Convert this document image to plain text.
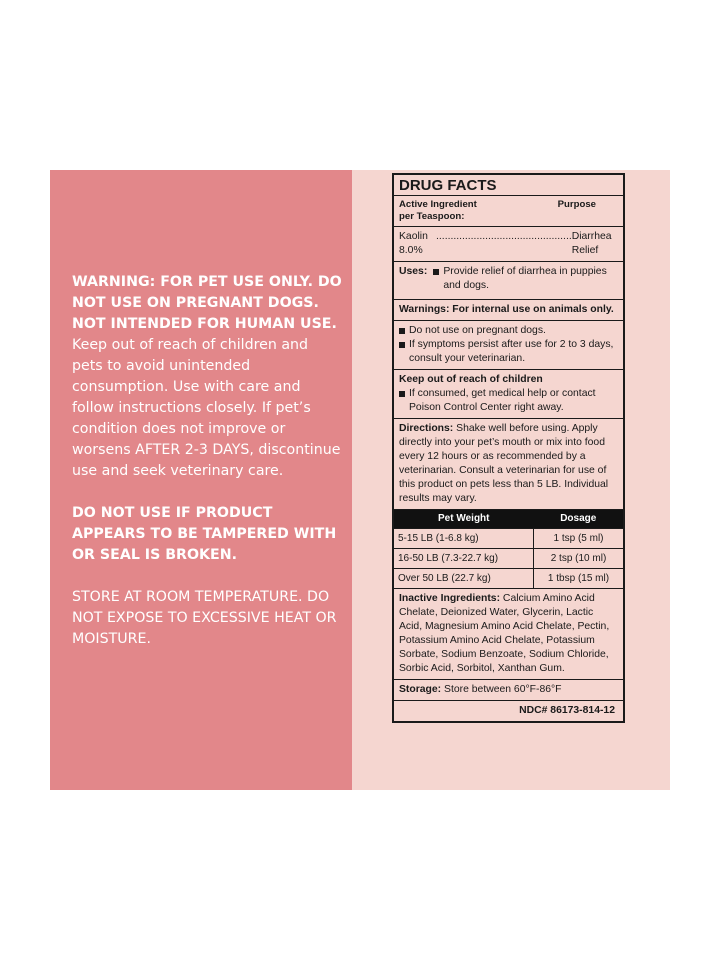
WARNING: FOR PET USE ONLY. DO NOT USE ON PREGNANT DOGS. NOT INTENDED FOR HUMAN USE. Keep out of reach of children and pets to avoid unintended consumption. Use with care and follow instructions closely. If pet’s condition does not improve or worsens AFTER 2-3 DAYS, discontinue use and seek veterinary care.

DO NOT USE IF PRODUCT APPEARS TO BE TAMPERED WITH OR SEAL IS BROKEN.

STORE AT ROOM TEMPERATURE. DO NOT EXPOSE TO EXCESSIVE HEAT OR MOISTURE.

DRUG FACTS
Active Ingredient
per Teaspoon:
Purpose
Kaolin 8.0%
............................................... Diarrhea Relief
Uses: Provide relief of diarrhea in puppies and dogs.
Warnings: For internal use on animals only.
Do not use on pregnant dogs.
If symptoms persist after use for 2 to 3 days, consult your veterinarian.
Keep out of reach of children
If consumed, get medical help or contact Poison Control Center right away.
Directions: Shake well before using. Apply directly into your pet’s mouth or mix into food every 12 hours or as recommended by a veterinarian. Consult a veterinarian for use of this product on pets less than 5 LB. Individual results may vary.
Pet Weight	Dosage
5-15 LB (1-6.8 kg)	1 tsp (5 ml)
16-50 LB (7.3-22.7 kg)	2 tsp (10 ml)
Over 50 LB (22.7 kg)	1 tbsp (15 ml)
Inactive Ingredients: Calcium Amino Acid Chelate, Deionized Water, Glycerin, Lactic Acid, Magnesium Amino Acid Chelate, Pectin, Potassium Amino Acid Chelate, Potassium Sorbate, Sodium Benzoate, Sodium Chloride, Sorbic Acid, Sorbitol, Xanthan Gum.
Storage: Store between 60°F-86°F
NDC# 86173-814-12
